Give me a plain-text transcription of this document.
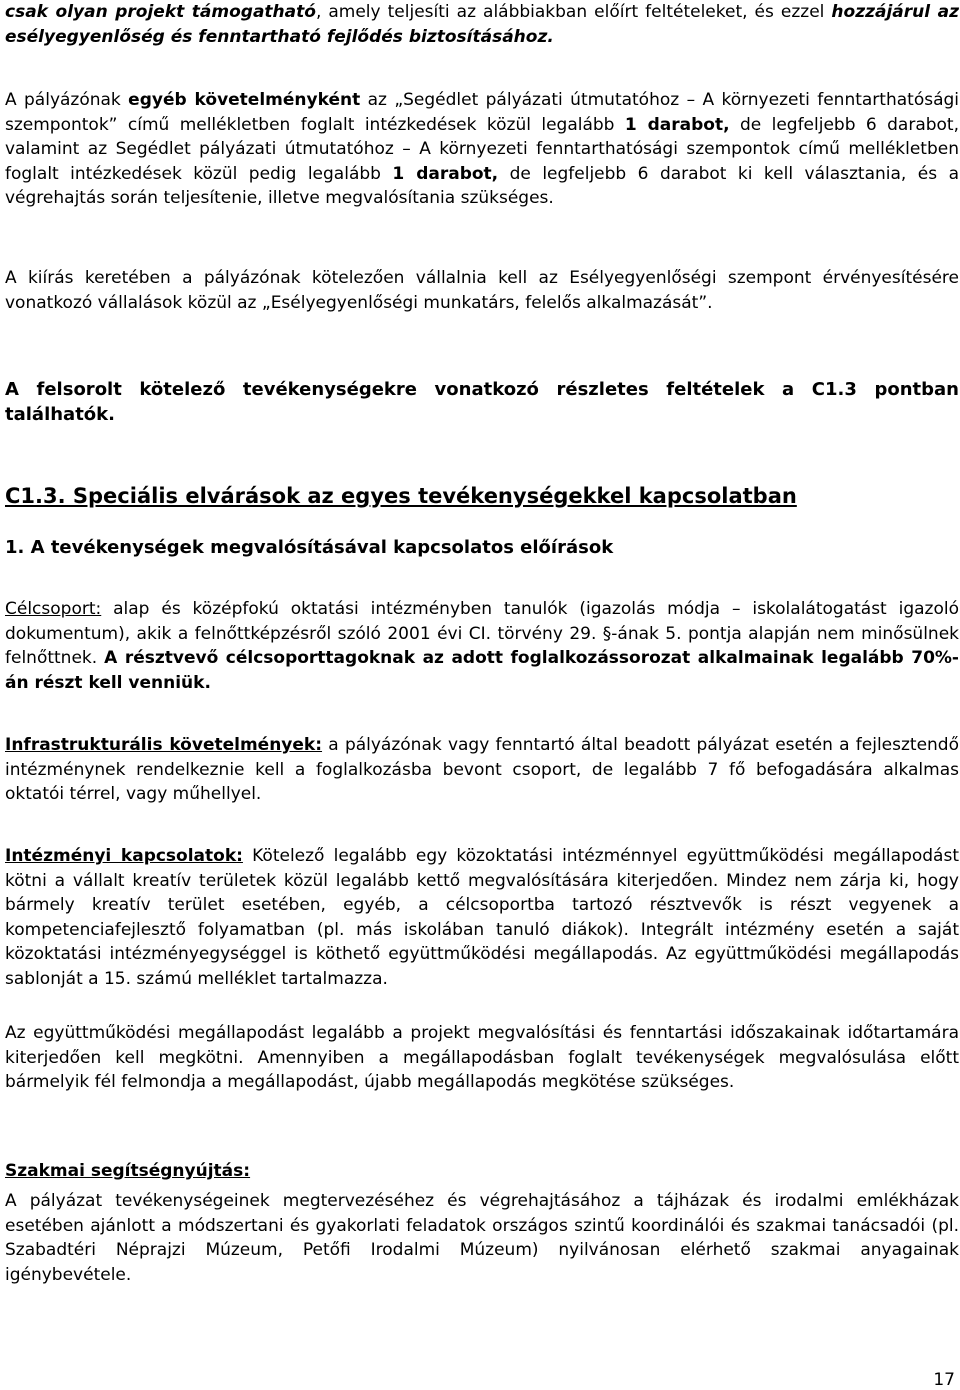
csak olyan projekt támogatható, amely teljesíti az alábbiakban előírt feltételeket, és ezzel hozzájárul az esélyegyenlőség és fenntartható fejlődés biztosításához.

A pályázónak egyéb követelményként az „Segédlet pályázati útmutatóhoz – A környezeti fenntarthatósági szempontok” című mellékletben foglalt intézkedések közül legalább 1 darabot, de legfeljebb 6 darabot, valamint az Segédlet pályázati útmutatóhoz – A környezeti fenntarthatósági szempontok című mellékletben foglalt intézkedések közül pedig legalább 1 darabot, de legfeljebb 6 darabot ki kell választania, és a végrehajtás során teljesítenie, illetve megvalósítania szükséges.

A kiírás keretében a pályázónak kötelezően vállalnia kell az Esélyegyenlőségi szempont érvényesítésére vonatkozó vállalások közül az „Esélyegyenlőségi munkatárs, felelős alkalmazását”.

A felsorolt kötelező tevékenységekre vonatkozó részletes feltételek a C1.3 pontban találhatók.

C1.3. Speciális elvárások az egyes tevékenységekkel kapcsolatban
1. A tevékenységek megvalósításával kapcsolatos előírások

Célcsoport: alap és középfokú oktatási intézményben tanulók (igazolás módja – iskolalátogatást igazoló dokumentum), akik a felnőttképzésről szóló 2001 évi CI. törvény 29. §-ának 5. pontja alapján nem minősülnek felnőttnek. A résztvevő célcsoporttagoknak az adott foglalkozássorozat alkalmainak legalább 70%-án részt kell venniük.

Infrastrukturális követelmények: a pályázónak vagy fenntartó által beadott pályázat esetén a fejlesztendő intézménynek rendelkeznie kell a foglalkozásba bevont csoport, de legalább 7 fő befogadására alkalmas oktatói térrel, vagy műhellyel.

Intézményi kapcsolatok: Kötelező legalább egy közoktatási intézménnyel együttműködési megállapodást kötni a vállalt kreatív területek közül legalább kettő megvalósítására kiterjedően. Mindez nem zárja ki, hogy bármely kreatív terület esetében, egyéb, a célcsoportba tartozó résztvevők is részt vegyenek a kompetenciafejlesztő folyamatban (pl. más iskolában tanuló diákok). Integrált intézmény esetén a saját közoktatási intézményegységgel is köthető együttműködési megállapodás. Az együttműködési megállapodás sablonját a 15. számú melléklet tartalmazza.

Az együttműködési megállapodást legalább a projekt megvalósítási és fenntartási időszakainak időtartamára kiterjedően kell megkötni. Amennyiben a megállapodásban foglalt tevékenységek megvalósulása előtt bármelyik fél felmondja a megállapodást, újabb megállapodás megkötése szükséges.

Szakmai segítségnyújtás:

A pályázat tevékenységeinek megtervezéséhez és végrehajtásához a tájházak és irodalmi emlékházak esetében ajánlott a módszertani és gyakorlati feladatok országos szintű koordinálói és szakmai tanácsadói (pl. Szabadtéri Néprajzi Múzeum, Petőfi Irodalmi Múzeum) nyilvánosan elérhető szakmai anyagainak igénybevétele.

17
